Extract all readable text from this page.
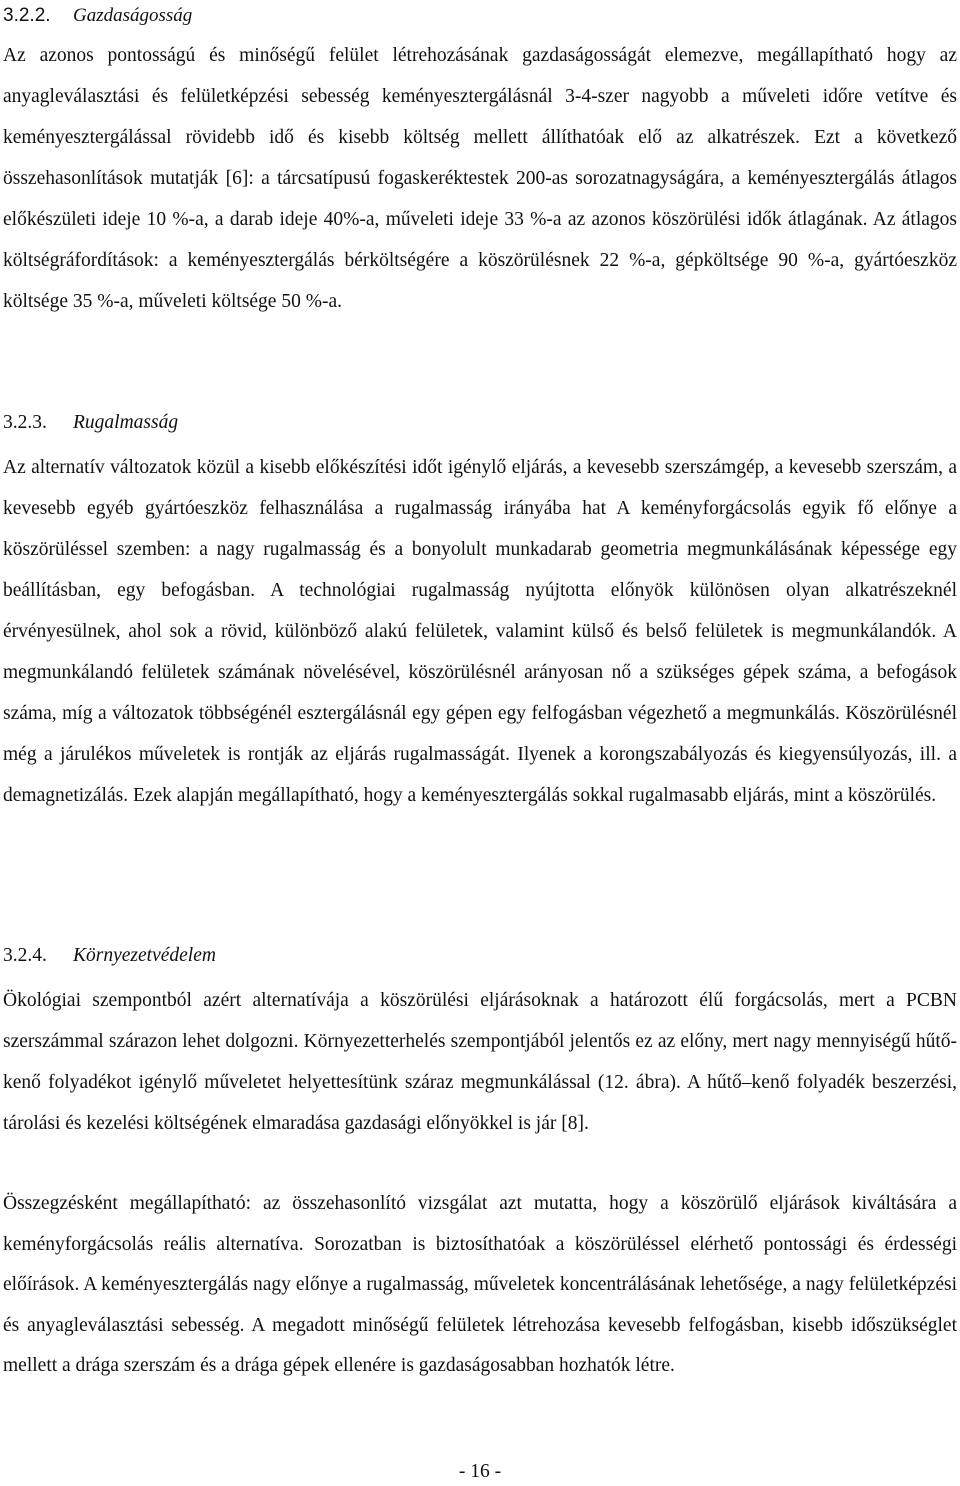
3.2.2. Gazdaságosság

Az azonos pontosságú és minőségű felület létrehozásának gazdaságosságát elemezve, megállapítható hogy az anyagleválasztási és felületképzési sebesség keményesztergálásnál 3-4-szer nagyobb a műveleti időre vetítve és keményesztergálással rövidebb idő és kisebb költség mellett állíthatóak elő az alkatrészek. Ezt a következő összehasonlítások mutatják [6]: a tárcsatípusú fogaskeréktestek 200-as sorozatnagyságára, a keményesztergálás átlagos előkészületi ideje 10 %-a, a darab ideje 40%-a, műveleti ideje 33 %-a az azonos köszörülési idők átlagának. Az átlagos költségráfordítások: a keményesztergálás bérköltségére a köszörülésnek 22 %-a, gépköltsége 90 %-a, gyártóeszköz költsége 35 %-a, műveleti költsége 50 %-a.

3.2.3. Rugalmasság

Az alternatív változatok közül a kisebb előkészítési időt igénylő eljárás, a kevesebb szerszámgép, a kevesebb szerszám, a kevesebb egyéb gyártóeszköz felhasználása a rugalmasság irányába hat A keményforgácsolás egyik fő előnye a köszörüléssel szemben: a nagy rugalmasság és a bonyolult munkadarab geometria megmunkálásának képessége egy beállításban, egy befogásban. A technológiai rugalmasság nyújtotta előnyök különösen olyan alkatrészeknél érvényesülnek, ahol sok a rövid, különböző alakú felületek, valamint külső és belső felületek is megmunkálandók. A megmunkálandó felületek számának növelésével, köszörülésnél arányosan nő a szükséges gépek száma, a befogások száma, míg a változatok többségénél esztergálásnál egy gépen egy felfogásban végezhető a megmunkálás. Köszörülésnél még a járulékos műveletek is rontják az eljárás rugalmasságát. Ilyenek a korongszabályozás és kiegyensúlyozás, ill. a demagnetizálás. Ezek alapján megállapítható, hogy a keményesztergálás sokkal rugalmasabb eljárás, mint a köszörülés.

3.2.4. Környezetvédelem

Ökológiai szempontból azért alternatívája a köszörülési eljárásoknak a határozott élű forgácsolás, mert a PCBN szerszámmal szárazon lehet dolgozni. Környezetterhelés szempontjából jelentős ez az előny, mert nagy mennyiségű hűtő-kenő folyadékot igénylő műveletet helyettesítünk száraz megmunkálással (12. ábra). A hűtő–kenő folyadék beszerzési, tárolási és kezelési költségének elmaradása gazdasági előnyökkel is jár [8].

Összegzésként megállapítható: az összehasonlító vizsgálat azt mutatta, hogy a köszörülő eljárások kiváltására a keményforgácsolás reális alternatíva. Sorozatban is biztosíthatóak a köszörüléssel elérhető pontossági és érdességi előírások. A keményesztergálás nagy előnye a rugalmasság, műveletek koncentrálásának lehetősége, a nagy felületképzési és anyagleválasztási sebesség. A megadott minőségű felületek létrehozása kevesebb felfogásban, kisebb időszükséglet mellett a drága szerszám és a drága gépek ellenére is gazdaságosabban hozhatók létre.

- 16 -
